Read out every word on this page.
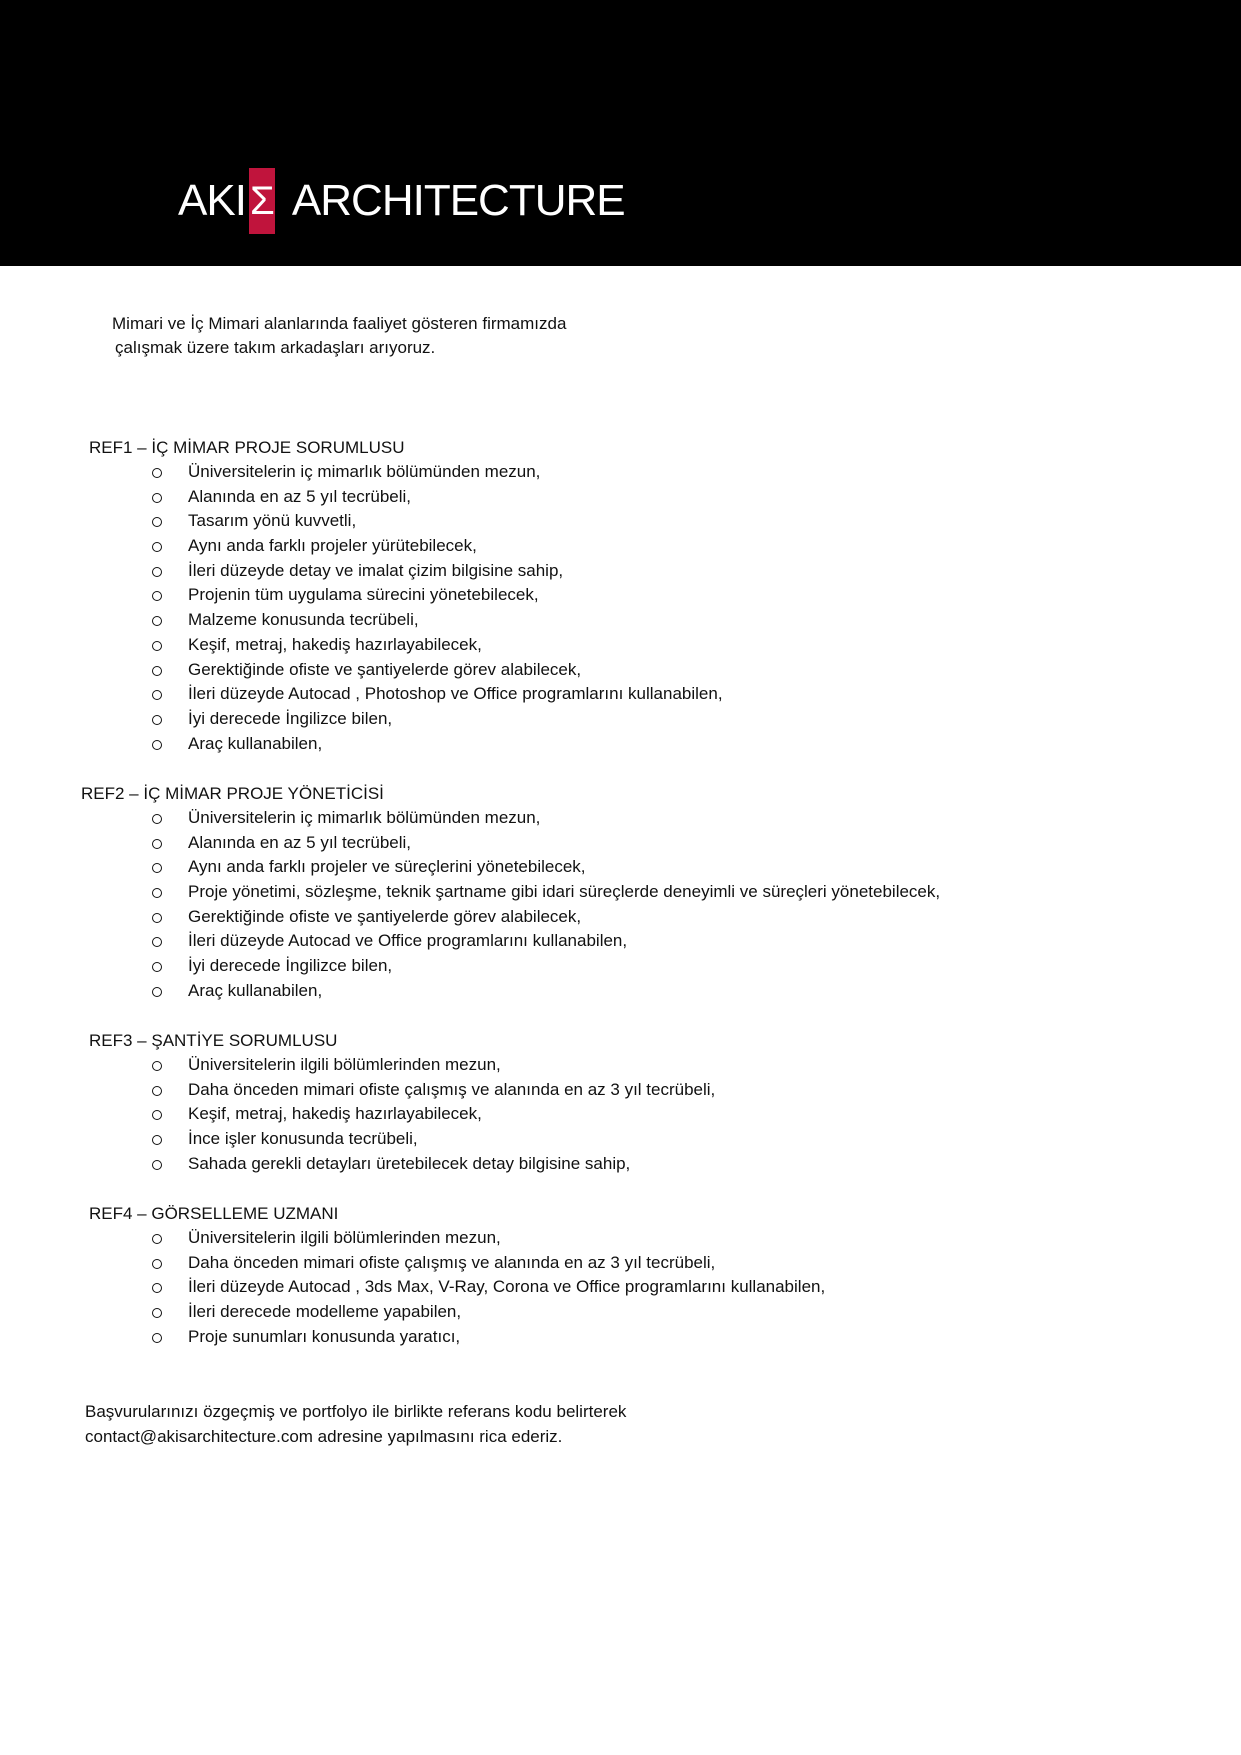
AKI Σ ARCHITECTURE
Mimari ve İç Mimari alanlarında faaliyet gösteren firmamızda
çalışmak üzere takım arkadaşları arıyoruz.
REF1 – İÇ MİMAR PROJE SORUMLUSU
Üniversitelerin iç mimarlık bölümünden mezun,
Alanında en az 5 yıl tecrübeli,
Tasarım yönü kuvvetli,
Aynı anda farklı projeler yürütebilecek,
İleri düzeyde detay ve imalat çizim bilgisine sahip,
Projenin tüm uygulama sürecini yönetebilecek,
Malzeme konusunda tecrübeli,
Keşif, metraj, hakediş hazırlayabilecek,
Gerektiğinde ofiste ve şantiyelerde görev alabilecek,
İleri düzeyde Autocad , Photoshop ve Office programlarını kullanabilen,
İyi derecede İngilizce bilen,
Araç kullanabilen,
REF2 – İÇ MİMAR PROJE YÖNETİCİSİ
Üniversitelerin iç mimarlık bölümünden mezun,
Alanında en az 5 yıl tecrübeli,
Aynı anda farklı projeler ve süreçlerini yönetebilecek,
Proje yönetimi, sözleşme, teknik şartname gibi idari süreçlerde deneyimli ve süreçleri yönetebilecek,
Gerektiğinde ofiste ve şantiyelerde görev alabilecek,
İleri düzeyde Autocad ve Office programlarını kullanabilen,
İyi derecede İngilizce bilen,
Araç kullanabilen,
REF3 – ŞANTİYE SORUMLUSU
Üniversitelerin ilgili bölümlerinden mezun,
Daha önceden mimari ofiste çalışmış ve alanında en az 3 yıl tecrübeli,
Keşif, metraj, hakediş hazırlayabilecek,
İnce işler konusunda tecrübeli,
Sahada gerekli detayları üretebilecek detay bilgisine sahip,
REF4 – GÖRSELLEME UZMANI
Üniversitelerin ilgili bölümlerinden mezun,
Daha önceden mimari ofiste çalışmış ve alanında en az 3 yıl tecrübeli,
İleri düzeyde Autocad , 3ds Max, V-Ray, Corona ve Office programlarını kullanabilen,
İleri derecede modelleme yapabilen,
Proje sunumları konusunda yaratıcı,
Başvurularınızı özgeçmiş ve portfolyo ile birlikte referans kodu belirterek
contact@akisarchitecture.com adresine yapılmasını rica ederiz.
